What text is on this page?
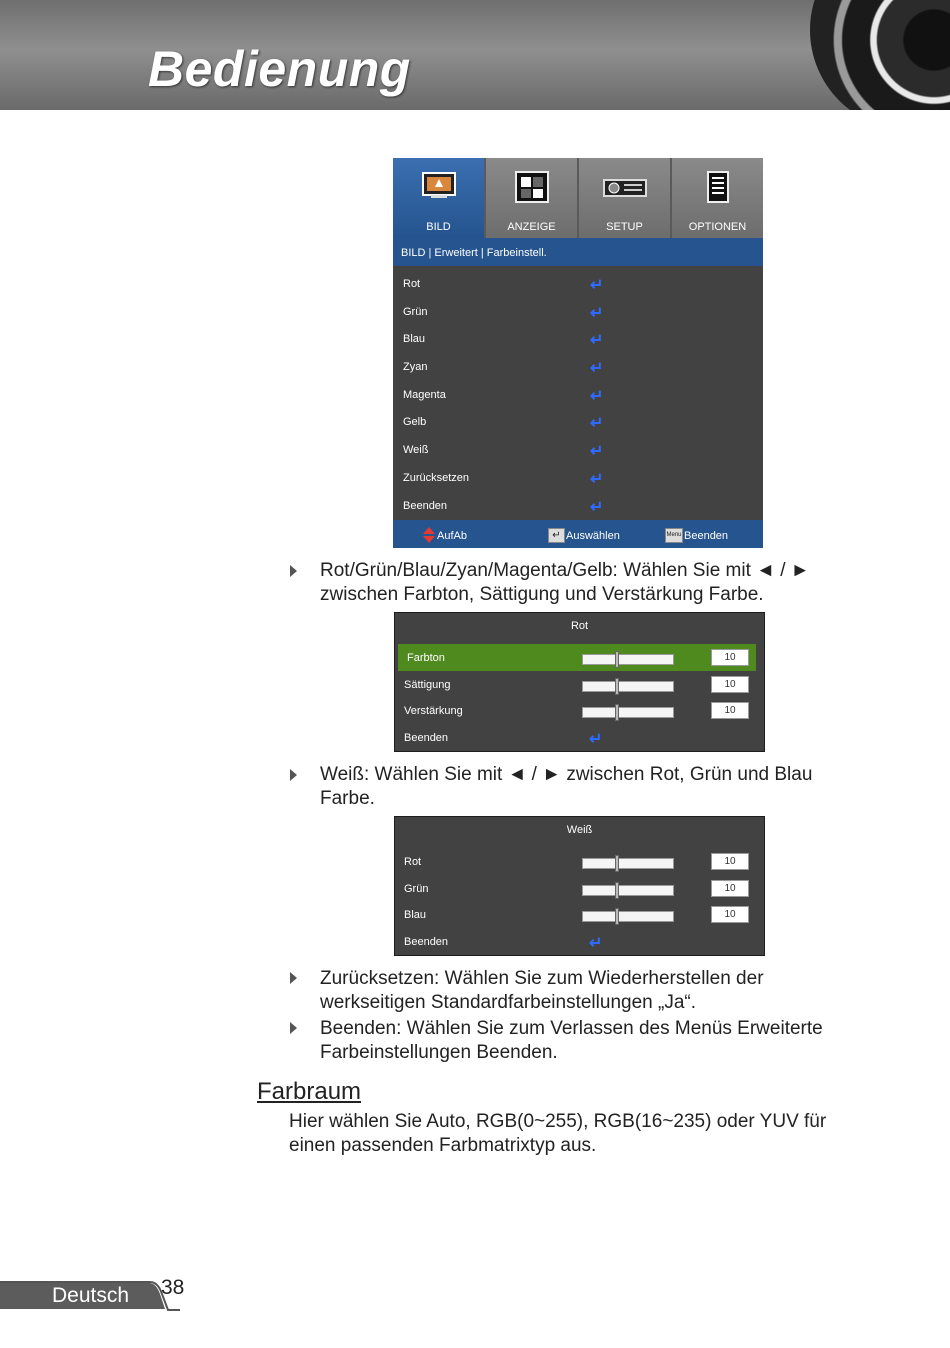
Bedienung
BILD	ANZEIGE	SETUP	OPTIONEN
BILD | Erweitert | Farbeinstell.
Rot	↵
Grün	↵
Blau	↵
Zyan	↵
Magenta	↵
Gelb	↵
Weiß	↵
Zurücksetzen	↵
Beenden	↵
AufAb	↵ Auswählen	Menu Beenden
Rot/Grün/Blau/Zyan/Magenta/Gelb: Wählen Sie mit ◄ / ►
zwischen Farbton, Sättigung und Verstärkung Farbe.
Rot
Farbton	10
Sättigung	10
Verstärkung	10
Beenden	↵
Weiß: Wählen Sie mit ◄ / ► zwischen Rot, Grün und Blau
Farbe.
Weiß
Rot	10
Grün	10
Blau	10
Beenden	↵
Zurücksetzen: Wählen Sie zum Wiederherstellen der
werkseitigen Standardfarbeinstellungen „Ja“.
Beenden: Wählen Sie zum Verlassen des Menüs Erweiterte
Farbeinstellungen Beenden.
Farbraum
Hier wählen Sie Auto, RGB(0~255), RGB(16~235) oder YUV für
einen passenden Farbmatrixtyp aus.
Deutsch 38
